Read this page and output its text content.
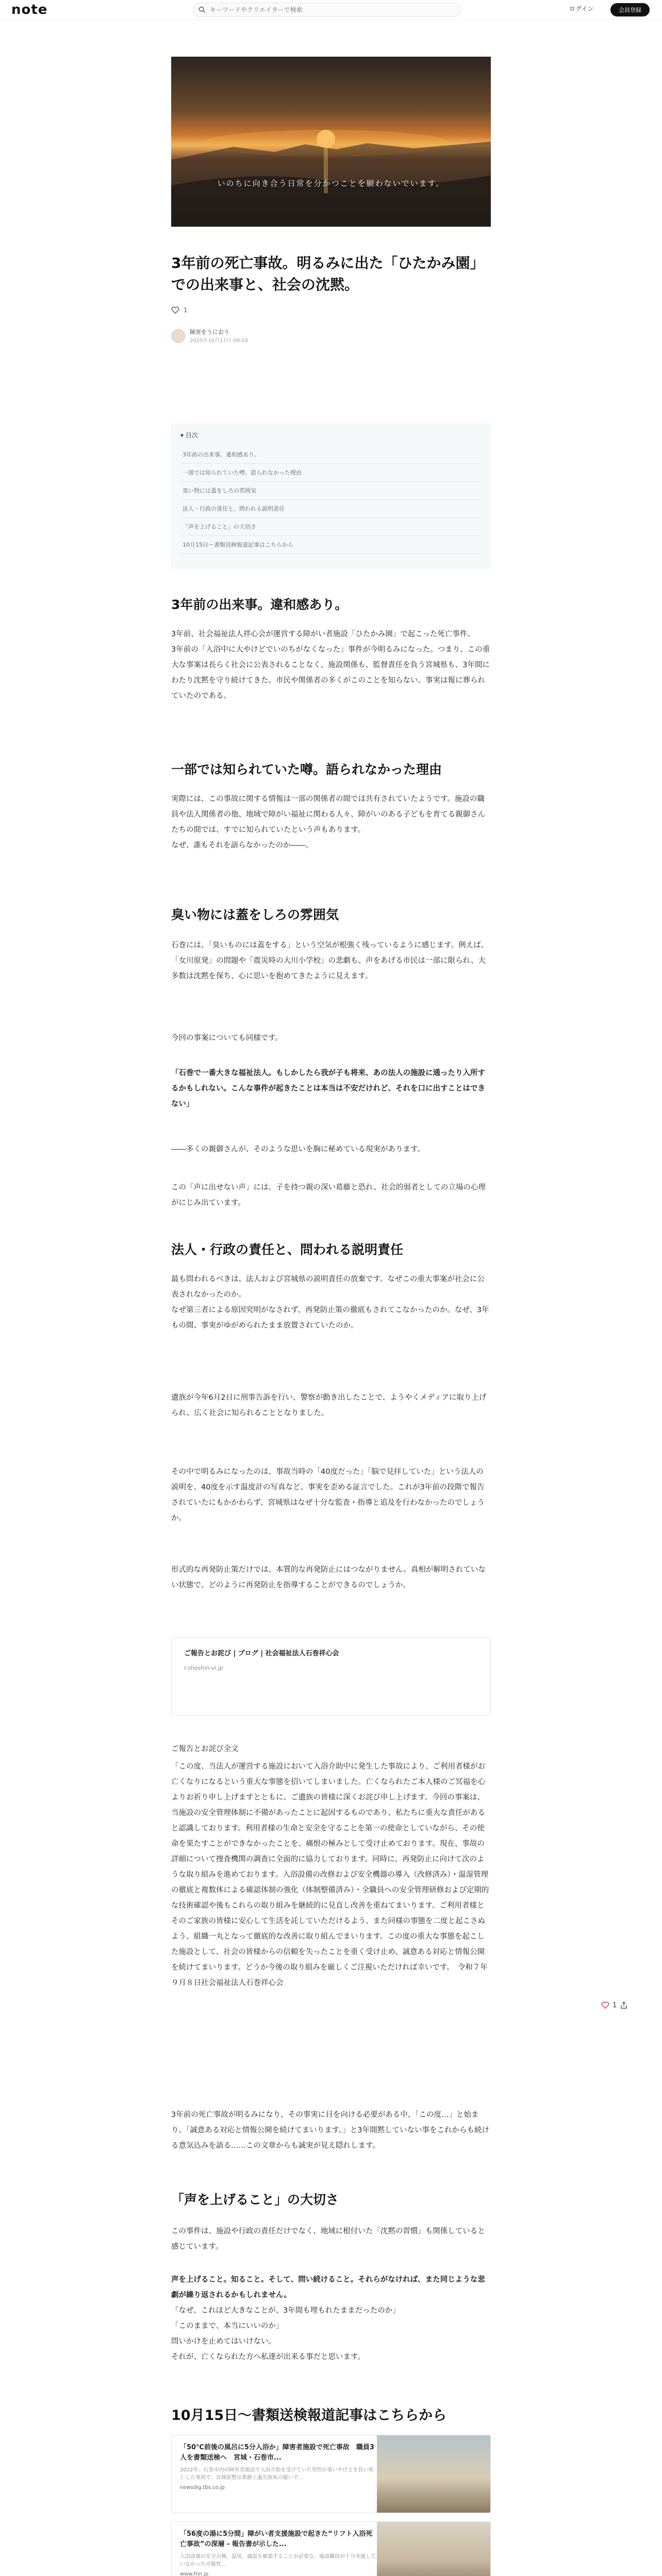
note
キーワードやクリエイターで検索	ログイン	会員登録
いのちに向き合う日常を分かつことを願わないでいます。
3年前の死亡事故。明るみに出た「ひたかみ園」での出来事と、社会の沈黙。
1
障害をうにおう
2025年10月17日 09:10
▾ 目次
3年前の出来事。違和感あり。
一部では知られていた噂。語られなかった理由
臭い物には蓋をしろの雰囲気
法人・行政の責任と、問われる説明責任
「声を上げること」の大切さ
10月15日〜書類送検報道記事はこちらから
3年前の出来事。違和感あり。

3年前、社会福祉法人祥心会が運営する障がい者施設「ひたかみ園」で起こった死亡事件。

3年前の「入浴中に大やけどでいのちがなくなった」事件が今明るみになった。つまり、この重大な事案は長らく社会に公表されることなく、施設関係も、監督責任を負う宮城県も、3年間にわたり沈黙を守り続けてきた。市民や関係者の多くがこのことを知らない。事実は報に葬られていたのである。

一部では知られていた噂。語られなかった理由

実際には、この事故に関する情報は一部の関係者の間では共有されていたようです。施設の職員や法人関係者の他、地域で障がい福祉に関わる人々、障がいのある子どもを育てる親御さんたちの間では、すでに知られていたという声もあります。

なぜ、誰もそれを語らなかったのか――。

臭い物には蓋をしろの雰囲気

石巻には、「臭いものには蓋をする」という空気が根強く残っているように感じます。例えば、「女川原発」の問題や「震災時の大川小学校」の悲劇も、声をあげる市民は一部に限られ、大多数は沈黙を保ち、心に思いを抱めてきたように見えます。

今回の事案についても同様です。

「石巻で一番大きな福祉法人。もしかしたら我が子も将来、あの法人の施設に通ったり入所するかもしれない。こんな事件が起きたことは本当は不安だけれど、それを口に出すことはできない」

――多くの親御さんが、そのような思いを胸に秘めている現実があります。

この「声に出せない声」には、子を持つ親の深い葛藤と恐れ、社会的弱者としての立場の心理がにじみ出ています。

法人・行政の責任と、問われる説明責任

最も問われるべきは、法人および宮城県の説明責任の放棄です。なぜこの重大事案が社会に公表されなかったのか。

なぜ第三者による原因究明がなされず、再発防止策の徹底もされてこなかったのか。なぜ、3年もの間、事実がゆがめられたまま放置されていたのか。

遺族が今年6月2日に刑事告訴を行い、警察が動き出したことで、ようやくメディアに取り上げられ、広く社会に知られることとなりました。

その中で明るみになったのは、事故当時の「40度だった」「脳で見拝していた」という法人の説明を、40度を示す温度計の写真など、事実を歪める証言でした。これが3年前の段階で報告されていたにもかかわらず、宮城県はなぜ十分な監査・指導と追及を行わなかったのでしょうか。

形式的な再発防止策だけでは、本質的な再発防止にはつながりません。真相が解明されていない状態で、どのように再発防止を指導することができるのでしょうか。

ご報告とお詫び | ブログ | 社会福祉法人石巻祥心会
r.shoshin-vi.jp

ご報告とお詫び全文

「この度、当法人が運営する施設において入浴介助中に発生した事故により、ご利用者様がお亡くなりになるという重大な事態を招いてしまいました。亡くなられたご本人様のご冥福を心よりお祈り申し上げますとともに、ご遺族の皆様に深くお詫び申し上げます。今回の事案は、当施設の安全管理体制に不備があったことに起因するものであり、私たちに重大な責任があると認識しております。利用者様の生命と安全を守ることを第一の使命としていながら、その使命を果たすことができなかったことを、痛恨の極みとして受け止めております。現在、事故の詳細について捜査機関の調査に全面的に協力しております。同時に、再発防止に向けて次のような取り組みを進めております。入浴設備の改修および安全機器の導入（改修済み）・温湿管理の徹底と複数体による確認体制の強化（体制整備済み）・全職員への安全管理研修および定期的な技術確認や後もこれらの取り組みを継続的に見直し改善を重ねてまいります。ご利用者様とそのご家族の皆様に安心して生活を託していただけるよう、また同様の事態を二度と起こさぬよう、組織一丸となって徹底的な改善に取り組んでまいります。この度の重大な事態を起こした施設として、社会の皆様からの信頼を失ったことを重く受け止め、誠意ある対応と情報公開を続けてまいります。どうか今後の取り組みを厳しくご注視いただければ幸いです。　令和７年９月８日社会福祉法人石巻祥心会

3年前の死亡事故が明るみになり、その事実に目を向ける必要がある中、「この度…」と始まり、「誠意ある対応と情報公開を続けてまいります。」と3年間黙していない事をこれからも続ける意気込みを語る……この文章からも誠実が見え隠れします。

1
「声を上げること」の大切さ

この事件は、施設や行政の責任だけでなく、地域に根付いた「沈黙の習慣」も関係していると感じています。

声を上げること。知ること。そして、問い続けること。それらがなければ、また同じような悲劇が繰り返されるかもしれません。

「なぜ、これほど大きなことが、3年間も埋もれたままだったのか」

「このままで、本当にいいのか」

問いかけを止めてはいけない。

それが、亡くなられた方へ私達が出来る事だと思います。

10月15日〜書類送検報道記事はこちらから
「50℃前後の風呂に5分入浴か」障害者施設で死亡事故　職員3人を書類送検へ　宮城・石巻市...
2022年、石巻市内の障害者施設で入浴介助を受けていた男性が重いやけどを負い死亡した事故で、宮城県警は業務上過失致死の疑いで...
newsdig.tbs.co.jp
「56度の湯に5分間」障がい者支援施設で起きた“リフト入浴死亡事故”の深層 - 報告書が示した...
入浴設備の安全点検、温度、適温を確認することが必要な、施設職員が十分実施していなかった可能性...
www.fnn.jp
